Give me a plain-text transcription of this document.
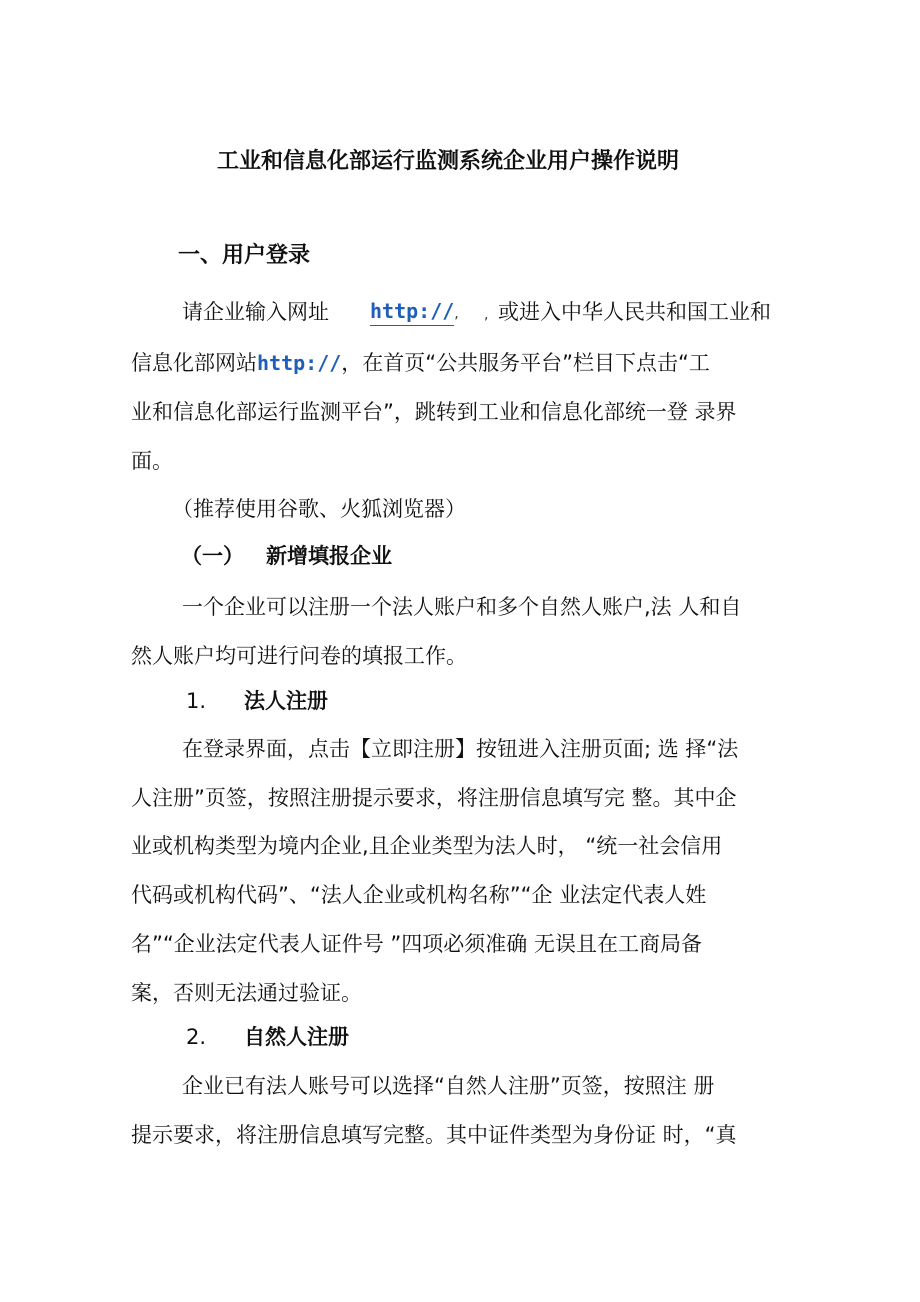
工业和信息化部运行监测系统企业用户操作说明
一、用户登录
请企业输入网址 http://, , 或进入中华人民共和国工业和
信息化部网站http://，在首页“公共服务平台”栏目下点击“工
业和信息化部运行监测平台”，跳转到工业和信息化部统一登 录界
面。
（推荐使用谷歌、火狐浏览器）
（一） 新增填报企业
一个企业可以注册一个法人账户和多个自然人账户,法 人和自
然人账户均可进行问卷的填报工作。
1. 法人注册
在登录界面，点击【立即注册】按钮进入注册页面; 选 择“法
人注册”页签，按照注册提示要求，将注册信息填写完 整。其中企
业或机构类型为境内企业,且企业类型为法人时， “统一社会信用
代码或机构代码”、“法人企业或机构名称”“企 业法定代表人姓
名”“企业法定代表人证件号 ”四项必须准确 无误且在工商局备
案，否则无法通过验证。
2. 自然人注册
企业已有法人账号可以选择“自然人注册”页签，按照注 册
提示要求，将注册信息填写完整。其中证件类型为身份证 时，“真
